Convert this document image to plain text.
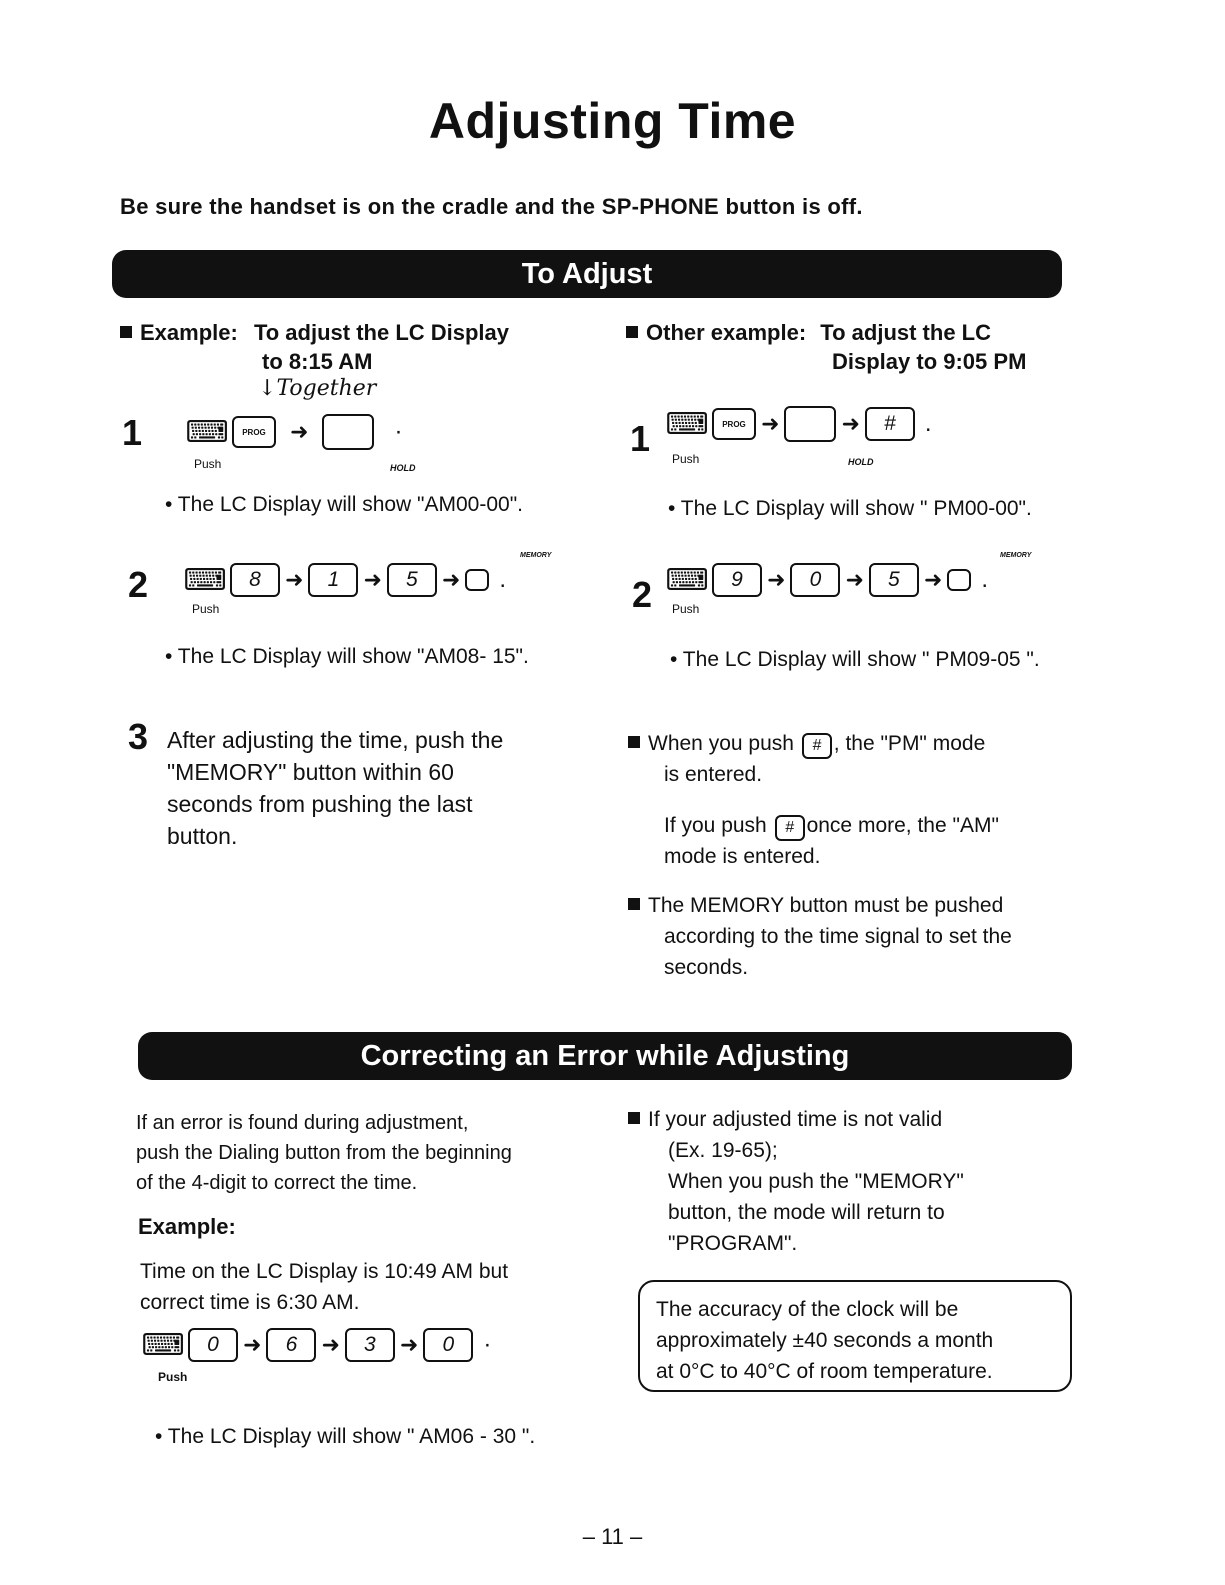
Adjusting Time
Be sure the handset is on the cradle and the SP-PHONE button is off.
To Adjust
Example: To adjust the LC Display
to 8:15 AM
↓Together
1 ⌨	PROG	➜	·
Push	HOLD
• The LC Display will show "AM00-00".
2 ⌨	8	➜	1	➜	5	➜ .
MEMORY
Push
• The LC Display will show "AM08- 15".
3 After adjusting the time, push the
"MEMORY" button within 60
seconds from pushing the last
button.
Other example: To adjust the LC
Display to 9:05 PM
1 ⌨	PROG ➜	➜	#	.
Push	HOLD
• The LC Display will show " PM00-00".
2 ⌨	9	➜	0	➜	5	➜ .
MEMORY
Push
• The LC Display will show " PM09-05 ".
When you push # , the "PM" mode
is entered.
If you push # once more, the "AM"
mode is entered.
The MEMORY button must be pushed
according to the time signal to set the
seconds.
Correcting an Error while Adjusting
If an error is found during adjustment,
push the Dialing button from the beginning
of the 4-digit to correct the time.
Example:
Time on the LC Display is 10:49 AM but
correct time is 6:30 AM.
⌨	0	➜	6	➜	3	➜	0	·
Push
• The LC Display will show " AM06 - 30 ".
If your adjusted time is not valid
(Ex. 19-65);
When you push the "MEMORY"
button, the mode will return to
"PROGRAM".
The accuracy of the clock will be
approximately ±40 seconds a month
at 0°C to 40°C of room temperature.
– 11 –
